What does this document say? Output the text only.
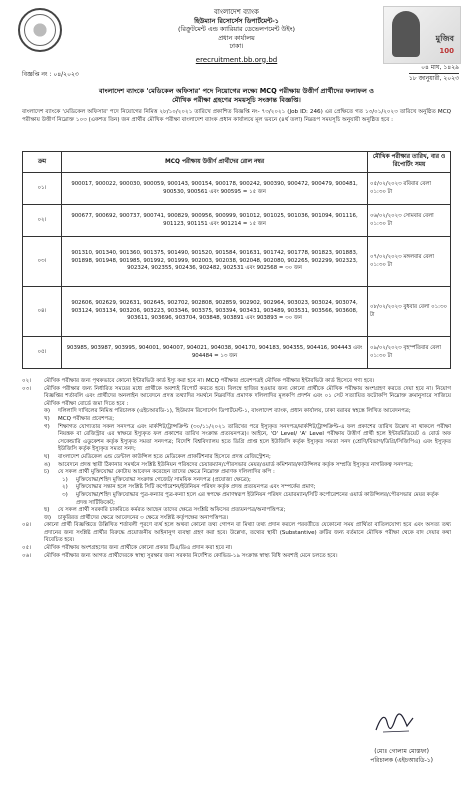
বাংলাদেশ ব্যাংক
হিউম্যান রিসোর্সেস ডিপার্টমেন্ট-১
(রিক্রুটমেন্ট এন্ড ক্যারিয়ার ডেভেলপমেন্ট উইং)
প্রধান কার্যালয়
ঢাকা।
erecruitment.bb.org.bd
মুজিব
100
০৪ মাঘ, ১৪২৯
১৮ জানুয়ারী, ২০২৩
বিজ্ঞপ্তি নং : ০৪/২০২৩
বাংলাদেশ ব্যাংকে 'মেডিকেল অফিসার' পদে নিয়োগের লক্ষ্যে MCQ পরীক্ষায় উত্তীর্ণ প্রার্থীদের ফলাফল ও
মৌখিক পরীক্ষা গ্রহণের সময়সূচি সংক্রান্ত বিজ্ঞপ্তি।
বাংলাদেশ ব্যাংকে 'মেডিকেল অফিসার' পদে নিয়োগের নিমিত্ত ২৮/১০/২০২১ তারিখে প্রকাশিত বিজ্ঞপ্তি নং- ৭৩/২০২১ (Job ID: 246) এর প্রেক্ষিতে গত ১৩/০১/২০২৩ তারিখে অনুষ্ঠিত MCQ পরীক্ষায় উত্তীর্ণ নিম্নোক্ত ১০৩ (একশত তিন) জন প্রার্থীর মৌখিক পরীক্ষা বাংলাদেশ ব্যাংক প্রধান কার্যালয়ে মূল ভবনে (৪র্থ তলা) নিম্নরূপ সময়সূচি অনুযায়ী অনুষ্ঠিত হবে :
ক্রম	MCQ পরীক্ষায় উত্তীর্ণ প্রার্থীদের রোল নম্বর	মৌখিক পরীক্ষার তারিখ, বার ও রিপোর্টিং সময়
০১।	900017, 900022, 900030, 900059, 900143, 900154, 900178, 900242, 900390, 900472, 900479, 900481, 900530, 900561 এবং 900595 = ১৫ জন	০৫/০২/২০২৩ রবিবার বেলা ০১:৩০ টা
০২।	900677, 900692, 900737, 900741, 900829, 900956, 900999, 901012, 901025, 901036, 901094, 901116, 901123, 901151 এবং 901214 = ১৫ জন	০৬/০২/২০২৩ সোমবার বেলা ০১:৩০ টা
০৩।	901310, 901340, 901360, 901375, 901490, 901520, 901584, 901631, 901742, 901778, 901823, 901883, 901898, 901948, 901985, 901992, 901999, 902003, 902038, 902048, 902080, 902265, 902299, 902323, 902324, 902355, 902436, 902482, 902531 এবং 902568 = ৩০ জন	০৭/০২/২০২৩ মঙ্গলবার বেলা ০১:৩০ টা
০৪।	902606, 902629, 902631, 902645, 902702, 902808, 902859, 902902, 902964, 903023, 903024, 903074, 903124, 903134, 903206, 903223, 903346, 903375, 903394, 903431, 903489, 903531, 903566, 903608, 903611, 903696, 903704, 903848, 903891 এবং 903893 = ৩০ জন	০৮/০২/২০২৩ বুধবার বেলা ০১:৩০ টা
০৫।	903985, 903987, 903995, 904001, 904007, 904021, 904038, 904170, 904183, 904355, 904416, 904443 এবং 904484 = ১৩ জন	০৯/০২/২০২৩ বৃহস্পতিবার বেলা ০১:৩০ টা
০২।	মৌখিক পরীক্ষার জন্য পৃথকভাবে কোনো ইন্টারভিউ কার্ড ইস্যু করা হবে না। MCQ পরীক্ষার প্রবেশপত্রই মৌখিক পরীক্ষার ইন্টারভিউ কার্ড হিসেবে গণ্য হবে।
০৩।	মৌখিক পরীক্ষার জন্য নির্ধারিত সময়ের মধ্যে প্রার্থীকে অবশ্যই রিপোর্ট করতে হবে। বিলম্বে হাজির হওয়ার জন্য কোনো প্রার্থীকে মৌখিক পরীক্ষায় অংশগ্রহণ করতে দেয়া হবে না। নিয়োগ বিজ্ঞপ্তির শর্তাবলি এবং প্রার্থীদের অনলাইন আবেদনে প্রদত্ত তথ্যাদির সমর্থনে নিম্নবর্ণিত প্রমাণক দলিলাদির মূলকপি প্রদর্শন এবং ০১ সেট সত্যায়িত ফটোকপি নিম্নোক্ত ক্রমানুসারে সাজিয়ে মৌখিক পরীক্ষা বোর্ডে জমা দিতে হবে :
ক)	দলিলাদি দাখিলের নিমিত্ত পরিচালক (এইচআরডি-১), হিউম্যান রিসোর্সেস ডিপার্টমেন্ট-১, বাংলাদেশ ব্যাংক, প্রধান কার্যালয়, ঢাকা বরাবর স্বহস্তে লিখিত আবেদনপত্র;
খ)	MCQ পরীক্ষার প্রবেশপত্র;
গ)	শিক্ষাগত যোগ্যতার সকল সনদপত্র এবং মার্কশিট/ট্রান্সক্রিপ্ট (৩০/১১/২০২১ তারিখের পরে ইস্যুকৃত সনদপত্র/মার্কশিট/ট্রান্সক্রিপ্ট-এ ফল প্রকাশের তারিখ উল্লেখ না থাকলে পরীক্ষা নিয়ন্ত্রক বা রেজিস্ট্রার এর স্বাক্ষরে ইস্যুকৃত ফল প্রকাশের তারিখ সংক্রান্ত প্রত্যয়নপত্র)। আইনে, 'O' Level/ 'A' Level পরীক্ষায় উত্তীর্ণ প্রার্থী হলে ইন্টারমিডিয়েট ও বোর্ড অফ সেকেন্ডারি এডুকেশন কর্তৃক ইস্যুকৃত সমতা সনদপত্র; বিদেশি বিশ্ববিদ্যালয় হতে ডিগ্রি প্রাপ্ত হলে ইউজিসি কর্তৃক ইস্যুকৃত সমতা সনদ (শ্রেণি/বিভাগ/ডিগ্রি/সিজিপিএ) এবং ইস্যুকৃত ইউজিসি কর্তৃক ইস্যুকৃত সমতা সনদ;
ঘ)	বাংলাদেশ মেডিকেল এন্ড ডেন্টাল কাউন্সিল হতে মেডিকেল প্রাকটিশনার হিসেবে প্রদত্ত রেজিস্ট্রেশন;
ঙ)	আবেদনে প্রদত্ত স্থায়ী ঠিকানার সমর্থনে সংশ্লিষ্ট ইউনিয়ন পরিষদের চেয়ারম্যান/পৌরসভার মেয়র/ওয়ার্ড কমিশনার/কাউন্সিলর কর্তৃক সম্প্রতি ইস্যুকৃত নাগরিকত্ব সনদপত্র;
চ)	যে সকল প্রার্থী মুক্তিযোদ্ধা কোটায় আবেদন করেছেন তাদের ক্ষেত্রে নিম্নোক্ত প্রমাণক দলিলাদির কপি :
১)	মুক্তিযোদ্ধা/শহিদ মুক্তিযোদ্ধা সংক্রান্ত গেজেট/ সাময়িক সনদপত্র (প্রযোজ্য ক্ষেত্রে);
২)	মুক্তিযোদ্ধার সন্তান হলে সংশ্লিষ্ট সিটি কর্পোরেশন/ইউনিয়ন পরিষদ কর্তৃক প্রদত্ত প্রত্যয়নপত্র এবং সম্পর্কের প্রমাণ;
৩)	মুক্তিযোদ্ধা/শহিদ মুক্তিযোদ্ধার পুত্র-কন্যার পুত্র-কন্যা হলে এর স্বপক্ষে প্রমাণস্বরূপ ইউনিয়ন পরিষদ চেয়ারম্যান/সিটি কর্পোরেশনের ওয়ার্ড কাউন্সিলর/পৌরসভার মেয়র কর্তৃক প্রদত্ত সার্টিফিকেট;
ছ)	যে সকল প্রার্থী সরকারি চাকরিতে কর্মরত আছেন তাদের ক্ষেত্রে সংশ্লিষ্ট অফিসের প্রত্যয়নপত্র/অনাপত্তিপত্র;
জ)	চাকুরিরত প্রার্থীদের ক্ষেত্রে আবেদনের ৩ ক্ষেত্রে সংশ্লিষ্ট কর্তৃপক্ষের অনাপত্তিপত্র।
০৪।	কোনো প্রার্থী বিজ্ঞপ্তিতে উল্লিখিত শর্তাবলী পূরণে ব্যর্থ হলে অথবা কোনো তথ্য গোপন বা মিথ্যা তথ্য প্রদান করলে পরবর্তীতে যেকোনো সময় প্রার্থিতা বাতিলযোগ্য হবে এবং অসত্য তথ্য প্রদানের জন্য সংশ্লিষ্ট প্রার্থীর বিরুদ্ধে প্রয়োজনীয় আইনানুগ ব্যবস্থা গ্রহণ করা হবে। উল্লেখ্য, তথ্যের স্থায়ী (Substantive) ক্রটির জন্য বর্তমানে মৌখিক পরীক্ষা থেকে বাদ দেয়ার কথা বিবেচিত হবে।
০৫।	মৌখিক পরীক্ষায় অংশগ্রহণের জন্য প্রার্থীকে কোনো প্রকার টিএ/ডিএ প্রদান করা হবে না।
০৬।	মৌখিক পরীক্ষার জন্য আগত প্রার্থীদেরকে স্বাস্থ্য সুরক্ষার জন্য সরকার নির্দেশিত কোভিড-১৯ সংক্রান্ত স্বাস্থ্য বিধি অবশ্যই মেনে চলতে হবে।
(মোঃ গোলাম মোস্তফা)
পরিচালক (এইচআরডি-১)
